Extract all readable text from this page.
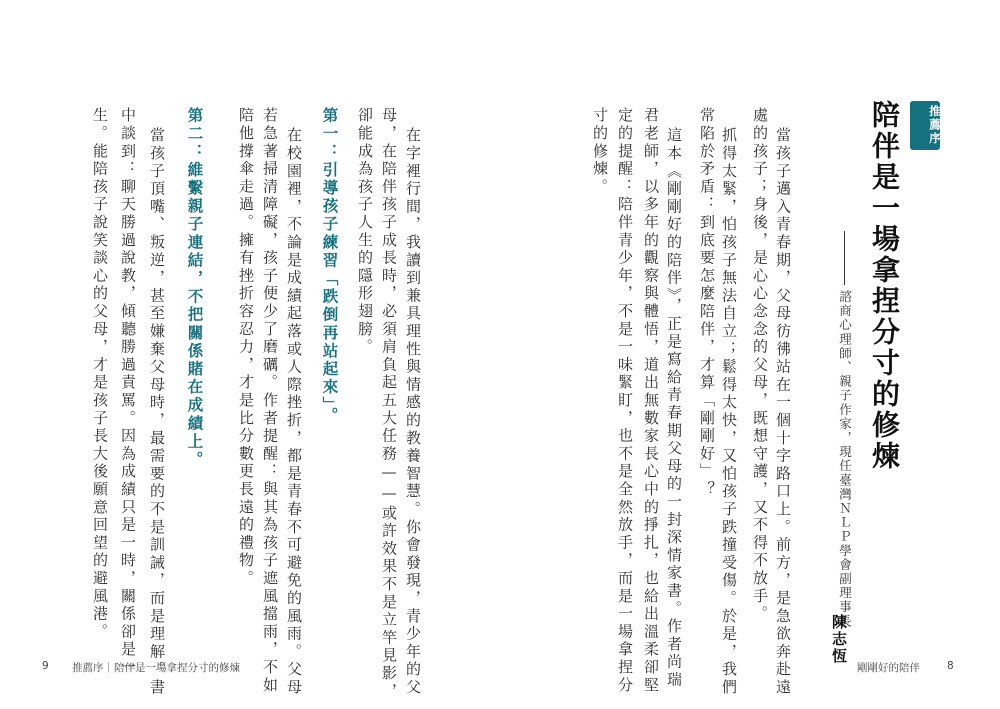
推薦序
陪伴是一場拿捏分寸的修煉
諮商心理師、親子作家，現任臺灣ＮＬＰ學會副理事長
陳志恆
當孩子邁入青春期，父母彷彿站在一個十字路口上。前方，是急欲奔赴遠
處的孩子；身後，是心心念念的父母，既想守護，又不得不放手。
抓得太緊，怕孩子無法自立；鬆得太快，又怕孩子跌撞受傷。於是，我們
常陷於矛盾：到底要怎麼陪伴，才算「剛剛好」？
這本《剛剛好的陪伴》，正是寫給青春期父母的一封深情家書。作者尚瑞
君老師，以多年的觀察與體悟，道出無數家長心中的掙扎，也給出溫柔卻堅
定的提醒：陪伴青少年，不是一味緊盯，也不是全然放手，而是一場拿捏分
寸的修煉。
在字裡行間，我讀到兼具理性與情感的教養智慧。你會發現，青少年的父
母，在陪伴孩子成長時，必須肩負起五大任務——或許效果不是立竿見影，
卻能成為孩子人生的隱形翅膀。
第一：引導孩子練習「跌倒再站起來」。
在校園裡，不論是成績起落或人際挫折，都是青春不可避免的風雨。父母
若急著掃清障礙，孩子便少了磨礪。作者提醒：與其為孩子遮風擋雨，不如
陪他撐傘走過。擁有挫折容忍力，才是比分數更長遠的禮物。
第二：維繫親子連結，不把關係賭在成績上。
當孩子頂嘴、叛逆，甚至嫌棄父母時，最需要的不是訓誡，而是理解。書
中談到：聊天勝過說教，傾聽勝過責罵。因為成績只是一時，關係卻是一
生。能陪孩子說笑談心的父母，才是孩子長大後願意回望的避風港。
9 推薦序｜陪伴是一場拿捏分寸的修煉	剛剛好的陪伴	8
